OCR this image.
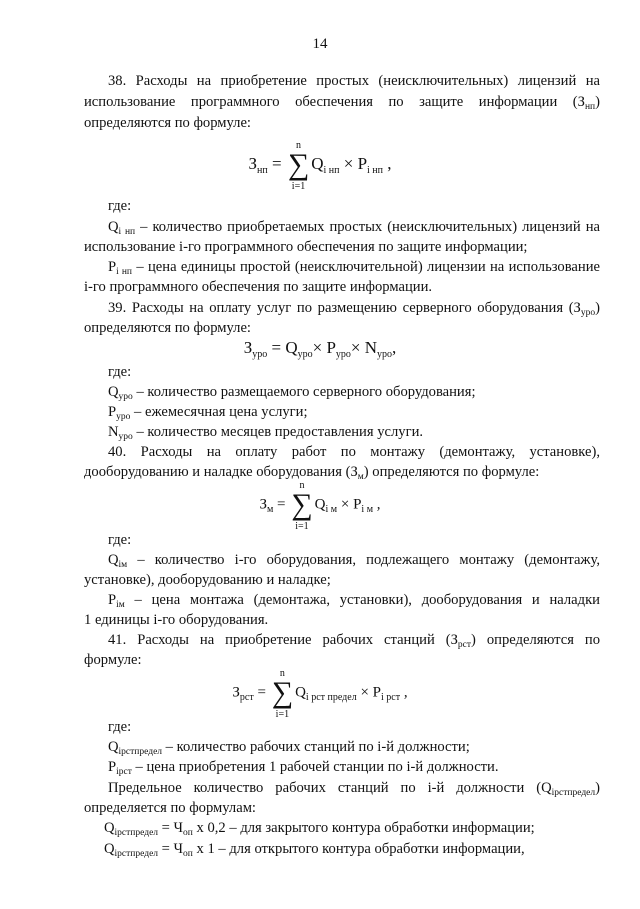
14
38. Расходы на приобретение простых (неисключительных) лицензий на
использование программного обеспечения по защите информации $(З_{нп})$
определяются по формуле:
$З_{нп}$ =
n
∑
i=1
$Q_{i нп} \times P_{i нп}$ ,
где:
$Q_{i нп}$ – количество приобретаемых простых (неисключительных) лицензий на
использование i-го программного обеспечения по защите информации;
$P_{i нп}$ – цена единицы простой (неисключительной) лицензии на использование
i-го программного обеспечения по защите информации.
39. Расходы на оплату услуг по размещению серверного оборудования $(З_{уро})$
определяются по формуле:
$З_{уро} = Q_{уро}\times P_{уро}\times N_{уро}$,
где:
$Q_{уро}$ – количество размещаемого серверного оборудования;
$P_{уро}$ – ежемесячная цена услуги;
$N_{уро}$ – количество месяцев предоставления услуги.
40. Расходы на оплату работ по монтажу (демонтажу, установке),
дооборудованию и наладке оборудования $(З_м)$ определяются по формуле:
$З_м$ =
n
∑
i=1
$Q_{i м} \times P_{i м}$ ,
где:
$Q_{iм}$ – количество i-го оборудования, подлежащего монтажу (демонтажу,
установке), дооборудованию и наладке;
$P_{iм}$ – цена монтажа (демонтажа, установки), дооборудования и наладки
1 единицы i-го оборудования.
41. Расходы на приобретение рабочих станций $(З_{рст})$ определяются по
формуле:
$З_{рст}$ =
n
∑
i=1
$Q_{i рст предел} \times P_{i рст}$ ,
где:
$Q_{iрстпредел}$ – количество рабочих станций по i-й должности;
$P_{iрст}$ – цена приобретения 1 рабочей станции по i-й должности.
Предельное количество рабочих станций по i-й должности $(Q_{iрстпредел})$
определяется по формулам:
$Q_{iрстпредел} = Ч_{оп}$ x 0,2 – для закрытого контура обработки информации;
$Q_{iрстпредел} = Ч_{оп}$ x 1 – для открытого контура обработки информации,
